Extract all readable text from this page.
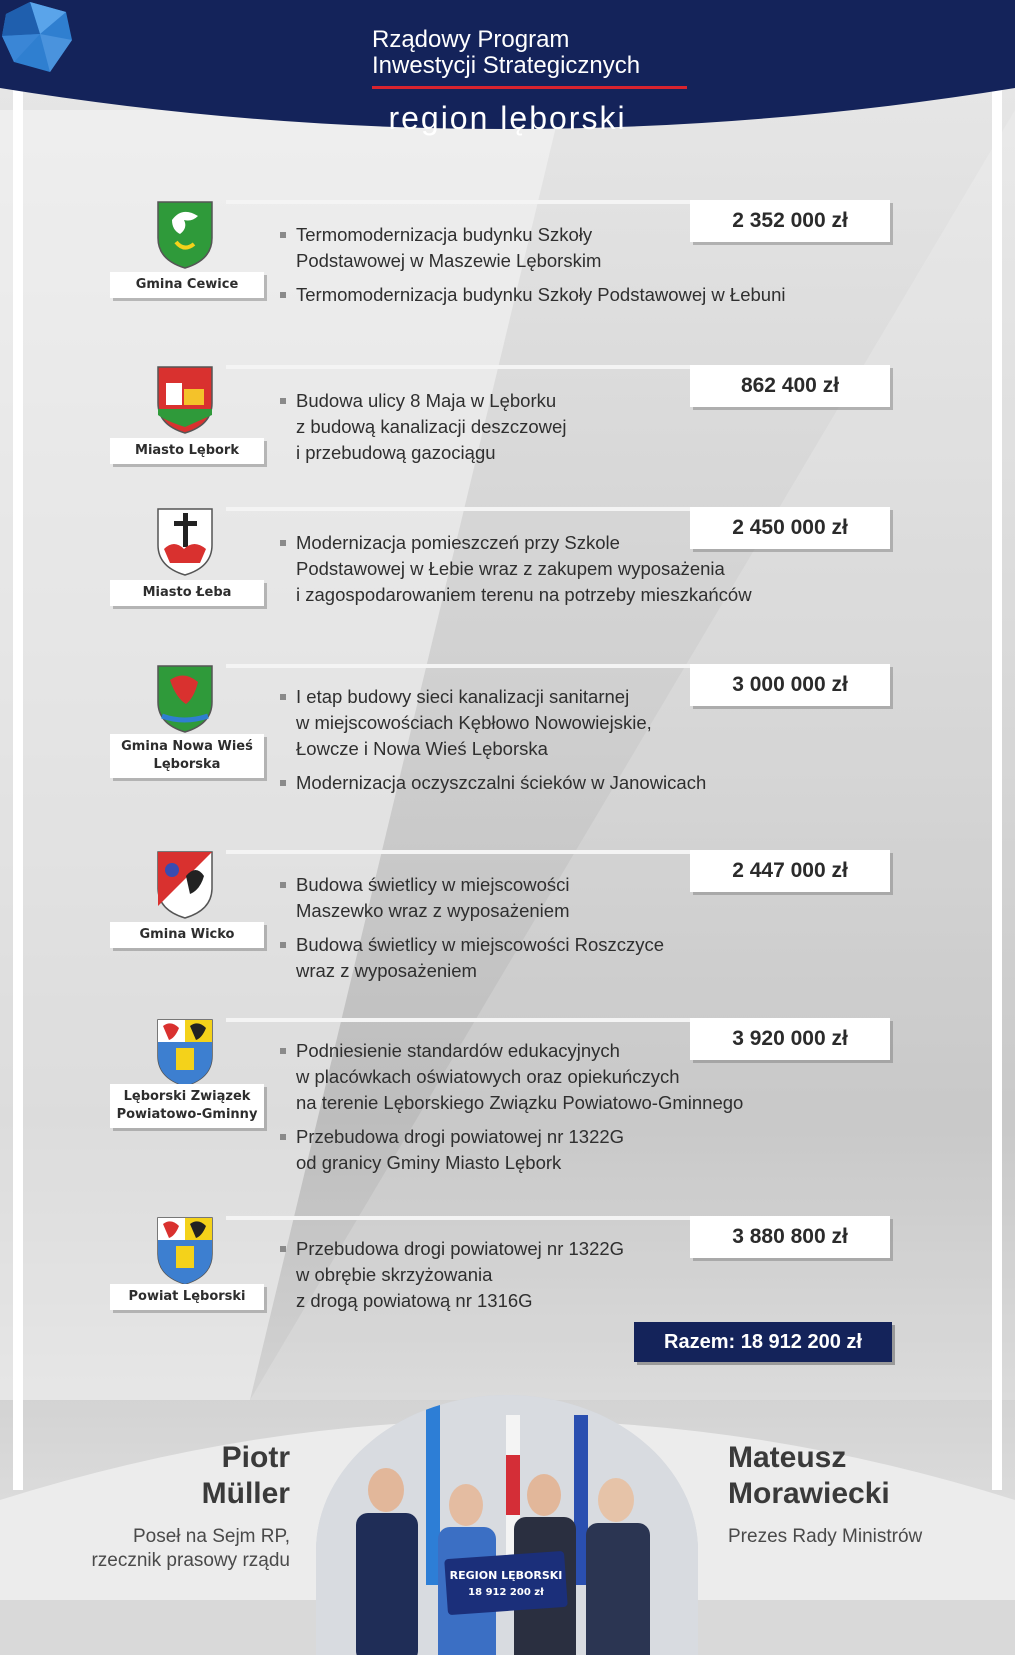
Rządowy Program
Inwestycji Strategicznych
region lęborski
Gmina Cewice
2 352 000 zł
Termomodernizacja budynku Szkoły
Podstawowej w Maszewie Lęborskim
Termomodernizacja budynku Szkoły Podstawowej w Łebuni
Miasto Lębork
862 400 zł
Budowa ulicy 8 Maja w Lęborku
z budową kanalizacji deszczowej
i przebudową gazociągu
Miasto Łeba
2 450 000 zł
Modernizacja pomieszczeń przy Szkole
Podstawowej w Łebie wraz z zakupem wyposażenia
i zagospodarowaniem terenu na potrzeby mieszkańców
Gmina Nowa Wieś
Lęborska
3 000 000 zł
I etap budowy sieci kanalizacji sanitarnej
w miejscowościach Kębłowo Nowowiejskie,
Łowcze i Nowa Wieś Lęborska
Modernizacja oczyszczalni ścieków w Janowicach
Gmina Wicko
2 447 000 zł
Budowa świetlicy w miejscowości
Maszewko wraz z wyposażeniem
Budowa świetlicy w miejscowości Roszczyce
wraz z wyposażeniem
Lęborski Związek
Powiatowo-Gminny
3 920 000 zł
Podniesienie standardów edukacyjnych
w placówkach oświatowych oraz opiekuńczych
na terenie Lęborskiego Związku Powiatowo-Gminnego
Przebudowa drogi powiatowej nr 1322G
od granicy Gminy Miasto Lębork
Powiat Lęborski
3 880 800 zł
Przebudowa drogi powiatowej nr 1322G
w obrębie skrzyżowania
z drogą powiatową nr 1316G
Razem: 18 912 200 zł
REGION LĘBORSKI
18 912 200 zł
Piotr
Müller
Poseł na Sejm RP,
rzecznik prasowy rządu
Mateusz
Morawiecki
Prezes Rady Ministrów
